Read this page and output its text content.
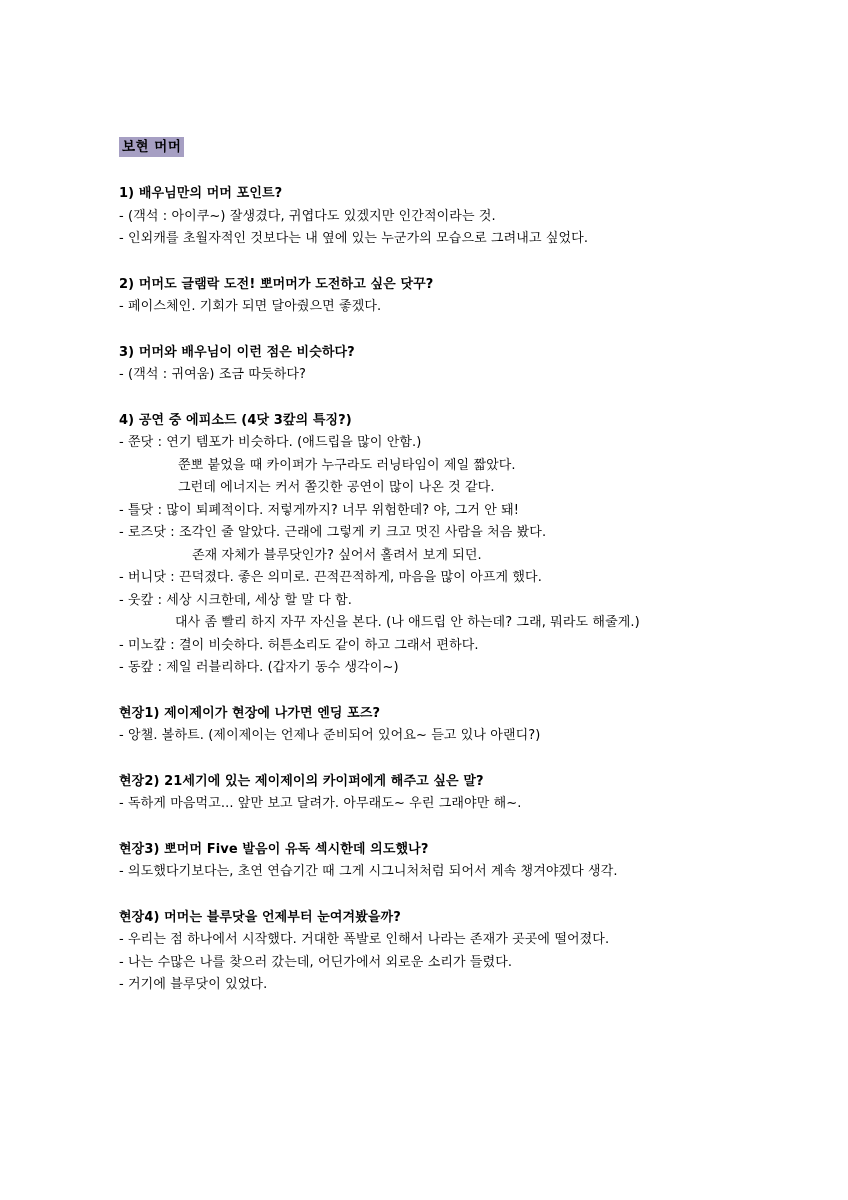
보현 머머
1) 배우님만의 머머 포인트?
- (객석 : 아이쿠~) 잘생겼다, 귀엽다도 있겠지만 인간적이라는 것.
- 인외캐를 초월자적인 것보다는 내 옆에 있는 누군가의 모습으로 그려내고 싶었다.
2) 머머도 글램락 도전! 뽀머머가 도전하고 싶은 닷꾸?
- 페이스체인. 기회가 되면 달아줬으면 좋겠다.
3) 머머와 배우님이 이런 점은 비슷하다?
- (객석 : 귀여움) 조금 따듯하다?
4) 공연 중 에피소드 (4닷 3캎의 특징?)
- 쭌닷 : 연기 템포가 비슷하다. (애드립을 많이 안함.)
쭌뽀 붙었을 때 카이퍼가 누구라도 러닝타임이 제일 짧았다.
그런데 에너지는 커서 쫄깃한 공연이 많이 나온 것 같다.
- 틀닷 : 많이 퇴폐적이다. 저렇게까지? 너무 위험한데? 야, 그거 안 돼!
- 로즈닷 : 조각인 줄 알았다. 근래에 그렇게 키 크고 멋진 사람을 처음 봤다.
존재 자체가 블루닷인가? 싶어서 홀려서 보게 되던.
- 버니닷 : 끈덕졌다. 좋은 의미로. 끈적끈적하게, 마음을 많이 아프게 했다.
- 웃캎 : 세상 시크한데, 세상 할 말 다 함.
대사 좀 빨리 하지 자꾸 자신을 본다. (나 애드립 안 하는데? 그래, 뭐라도 해줄게.)
- 미노캎 : 결이 비슷하다. 허튼소리도 같이 하고 그래서 편하다.
- 동캎 : 제일 러블리하다. (갑자기 동수 생각이~)
현장1) 제이제이가 현장에 나가면 엔딩 포즈?
- 앙챌. 볼하트. (제이제이는 언제나 준비되어 있어요~ 듣고 있나 아랜디?)
현장2) 21세기에 있는 제이제이의 카이퍼에게 해주고 싶은 말?
- 독하게 마음먹고... 앞만 보고 달려가. 아무래도~ 우린 그래야만 해~.
현장3) 뽀머머 Five 발음이 유독 섹시한데 의도했나?
- 의도했다기보다는, 초연 연습기간 때 그게 시그니처처럼 되어서 계속 챙겨야겠다 생각.
현장4) 머머는 블루닷을 언제부터 눈여겨봤을까?
- 우리는 점 하나에서 시작했다. 거대한 폭발로 인해서 나라는 존재가 곳곳에 떨어졌다.
- 나는 수많은 나를 찾으러 갔는데, 어딘가에서 외로운 소리가 들렸다.
- 거기에 블루닷이 있었다.
